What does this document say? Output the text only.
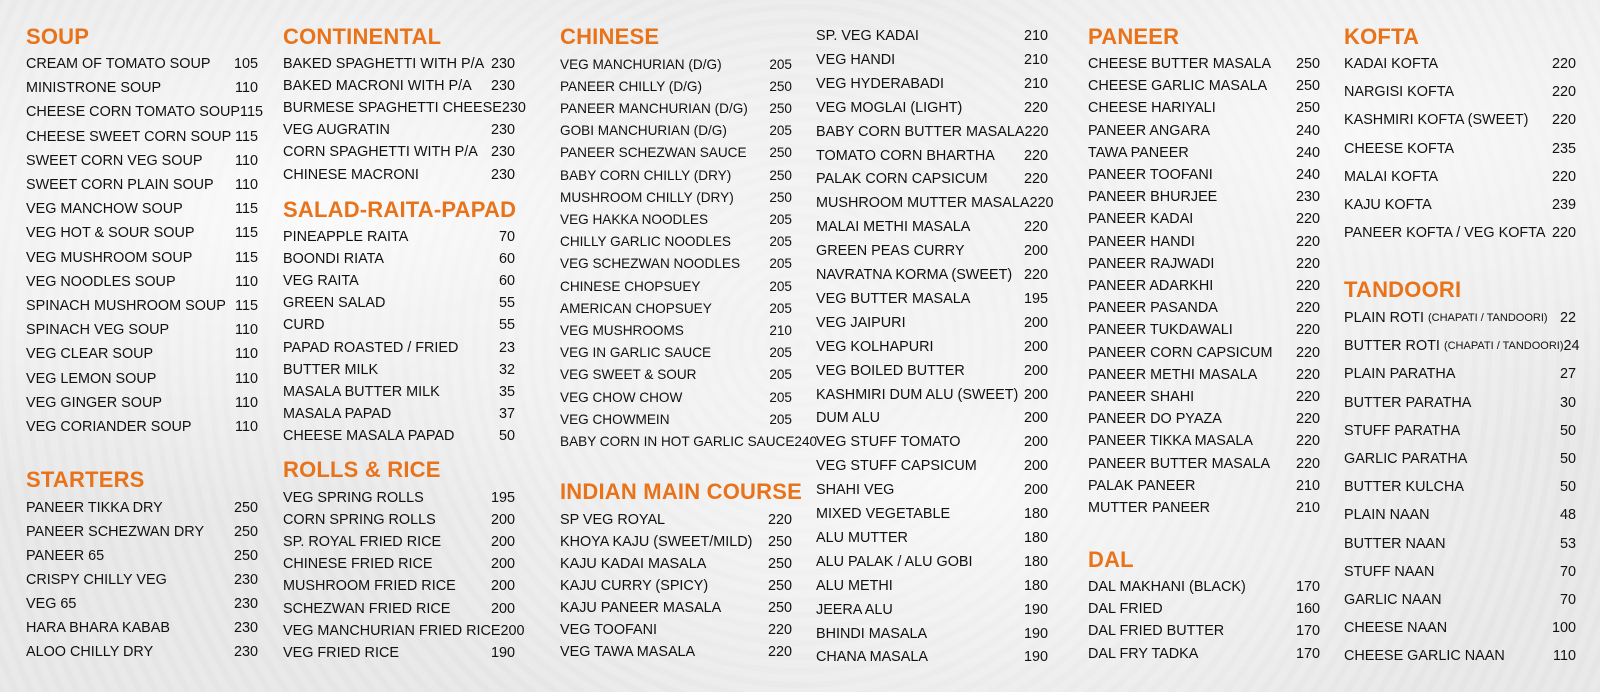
SOUP
CREAM OF TOMATO SOUP	105
MINISTRONE SOUP	110
CHEESE CORN TOMATO SOUP 115
CHEESE SWEET CORN SOUP 115
SWEET CORN VEG SOUP	110
SWEET CORN PLAIN SOUP	110
VEG MANCHOW SOUP	115
VEG HOT & SOUR SOUP	115
VEG MUSHROOM SOUP	115
VEG NOODLES SOUP	110
SPINACH MUSHROOM SOUP 115
SPINACH VEG SOUP	110
VEG CLEAR SOUP	110
VEG LEMON SOUP	110
VEG GINGER SOUP	110
VEG CORIANDER SOUP	110
STARTERS
PANEER TIKKA DRY	250
PANEER SCHEZWAN DRY	250
PANEER 65	250
CRISPY CHILLY VEG	230
VEG 65	230
HARA BHARA KABAB	230
ALOO CHILLY DRY	230
CONTINENTAL
BAKED SPAGHETTI WITH P/A 230
BAKED MACRONI WITH P/A	230
BURMESE SPAGHETTI CHEESE 230
VEG AUGRATIN	230
CORN SPAGHETTI WITH P/A 230
CHINESE MACRONI	230
SALAD-RAITA-PAPAD
PINEAPPLE RAITA	70
BOONDI RIATA	60
VEG RAITA	60
GREEN SALAD	55
CURD	55
PAPAD ROASTED / FRIED	23
BUTTER MILK	32
MASALA BUTTER MILK	35
MASALA PAPAD	37
CHEESE MASALA PAPAD	50
ROLLS & RICE
VEG SPRING ROLLS	195
CORN SPRING ROLLS	200
SP. ROYAL FRIED RICE	200
CHINESE FRIED RICE	200
MUSHROOM FRIED RICE	200
SCHEZWAN FRIED RICE	200
VEG MANCHURIAN FRIED RICE 200
VEG FRIED RICE	190
CHINESE
VEG MANCHURIAN (D/G)	205
PANEER CHILLY (D/G)	250
PANEER MANCHURIAN (D/G)	250
GOBI MANCHURIAN (D/G)	205
PANEER SCHEZWAN SAUCE	250
BABY CORN CHILLY (DRY)	250
MUSHROOM CHILLY (DRY)	250
VEG HAKKA NOODLES	205
CHILLY GARLIC NOODLES	205
VEG SCHEZWAN NOODLES	205
CHINESE CHOPSUEY	205
AMERICAN CHOPSUEY	205
VEG MUSHROOMS	210
VEG IN GARLIC SAUCE	205
VEG SWEET & SOUR	205
VEG CHOW CHOW	205
VEG CHOWMEIN	205
BABY CORN IN HOT GARLIC SAUCE 240
INDIAN MAIN COURSE
SP VEG ROYAL	220
KHOYA KAJU (SWEET/MILD)	250
KAJU KADAI MASALA	250
KAJU CURRY (SPICY)	250
KAJU PANEER MASALA	250
VEG TOOFANI	220
VEG TAWA MASALA	220
SP. VEG KADAI	210
VEG HANDI	210
VEG HYDERABADI	210
VEG MOGLAI (LIGHT)	220
BABY CORN BUTTER MASALA 220
TOMATO CORN BHARTHA	220
PALAK CORN CAPSICUM	220
MUSHROOM MUTTER MASALA 220
MALAI METHI MASALA	220
GREEN PEAS CURRY	200
NAVRATNA KORMA (SWEET) 220
VEG BUTTER MASALA	195
VEG JAIPURI	200
VEG KOLHAPURI	200
VEG BOILED BUTTER	200
KASHMIRI DUM ALU (SWEET) 200
DUM ALU	200
VEG STUFF TOMATO	200
VEG STUFF CAPSICUM	200
SHAHI VEG	200
MIXED VEGETABLE	180
ALU MUTTER	180
ALU PALAK / ALU GOBI	180
ALU METHI	180
JEERA ALU	190
BHINDI MASALA	190
CHANA MASALA	190
PANEER
CHEESE BUTTER MASALA	250
CHEESE GARLIC MASALA	250
CHEESE HARIYALI	250
PANEER ANGARA	240
TAWA PANEER	240
PANEER TOOFANI	240
PANEER BHURJEE	230
PANEER KADAI	220
PANEER HANDI	220
PANEER RAJWADI	220
PANEER ADARKHI	220
PANEER PASANDA	220
PANEER TUKDAWALI	220
PANEER CORN CAPSICUM	220
PANEER METHI MASALA	220
PANEER SHAHI	220
PANEER DO PYAZA	220
PANEER TIKKA MASALA	220
PANEER BUTTER MASALA	220
PALAK PANEER	210
MUTTER PANEER	210
DAL
DAL MAKHANI (BLACK)	170
DAL FRIED	160
DAL FRIED BUTTER	170
DAL FRY TADKA	170
KOFTA
KADAI KOFTA	220
NARGISI KOFTA	220
KASHMIRI KOFTA (SWEET)	220
CHEESE KOFTA	235
MALAI KOFTA	220
KAJU KOFTA	239
PANEER KOFTA / VEG KOFTA 220
TANDOORI
PLAIN ROTI (CHAPATI / TANDOORI) 22
BUTTER ROTI (CHAPATI / TANDOORI) 24
PLAIN PARATHA	27
BUTTER PARATHA	30
STUFF PARATHA	50
GARLIC PARATHA	50
BUTTER KULCHA	50
PLAIN NAAN	48
BUTTER NAAN	53
STUFF NAAN	70
GARLIC NAAN	70
CHEESE NAAN	100
CHEESE GARLIC NAAN	110
